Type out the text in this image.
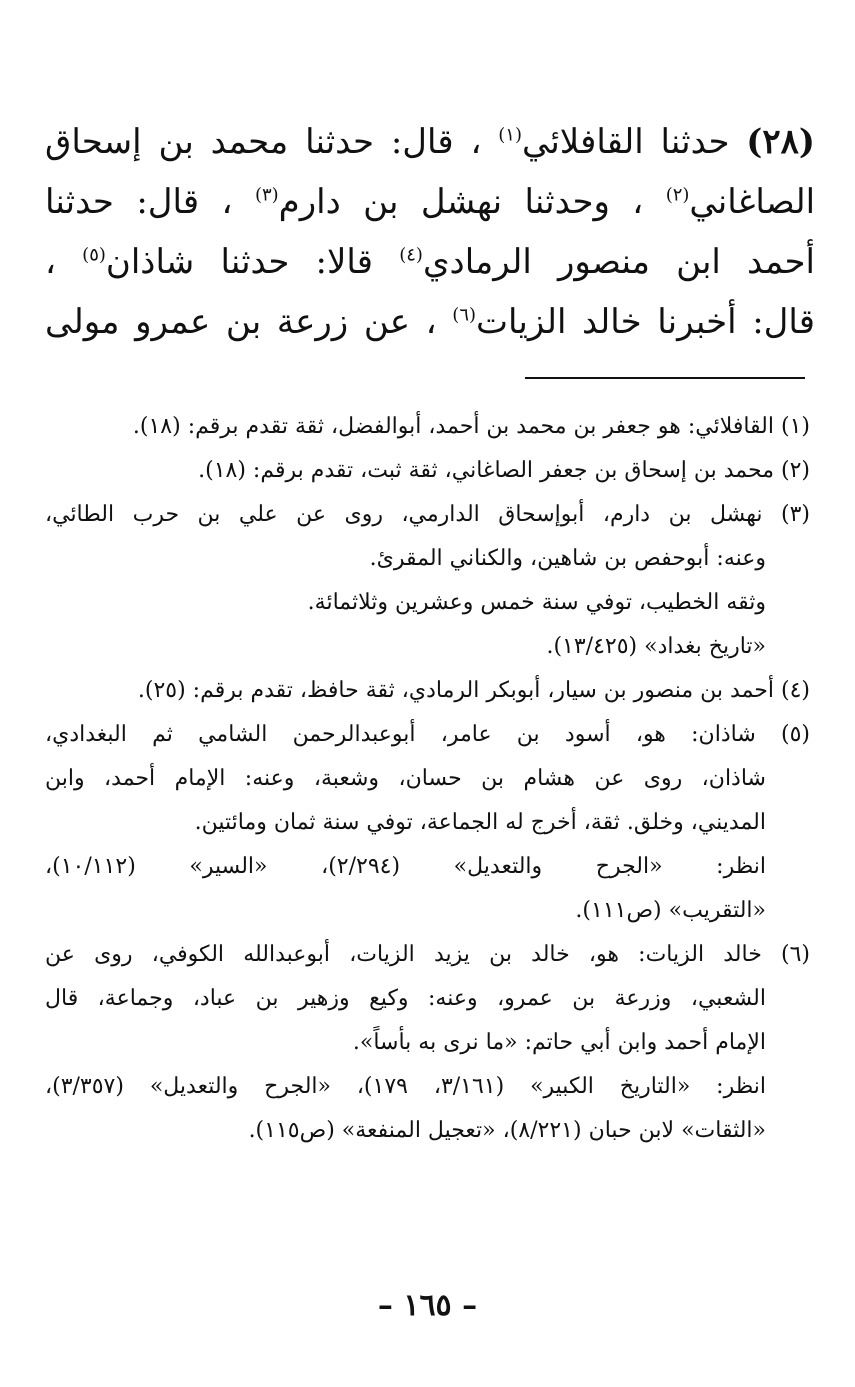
(٢٨) حدثنا القافلائي$^{(١)}$ ، قال: حدثنا محمد بن إسحاق
الصاغاني$^{(٢)}$ ، وحدثنا نهشل بن دارم$^{(٣)}$ ، قال: حدثنا
أحمد ابن منصور الرمادي$^{(٤)}$ قالا: حدثنا شاذان$^{(٥)}$ ،
قال: أخبرنا خالد الزيات$^{(٦)}$ ، عن زرعة بن عمرو مولى

(١) القافلائي: هو جعفر بن محمد بن أحمد، أبوالفضل، ثقة تقدم برقم: (١٨).

(٢) محمد بن إسحاق بن جعفر الصاغاني، ثقة ثبت، تقدم برقم: (١٨).

(٣) نهشل بن دارم، أبوإسحاق الدارمي، روى عن علي بن حرب الطائي،
وعنه: أبوحفص بن شاهين، والكناني المقرئ.
وثقه الخطيب، توفي سنة خمس وعشرين وثلاثمائة.
«تاريخ بغداد» (١٣/٤٢٥).

(٤) أحمد بن منصور بن سيار، أبوبكر الرمادي، ثقة حافظ، تقدم برقم: (٢٥).

(٥) شاذان: هو، أسود بن عامر، أبوعبدالرحمن الشامي ثم البغدادي،
شاذان، روى عن هشام بن حسان، وشعبة، وعنه: الإمام أحمد، وابن
المديني، وخلق. ثقة، أخرج له الجماعة، توفي سنة ثمان ومائتين.
انظر: «الجرح والتعديل» (٢/٢٩٤)، «السير» (١٠/١١٢)،
«التقريب» (ص١١١).

(٦) خالد الزيات: هو، خالد بن يزيد الزيات، أبوعبدالله الكوفي، روى عن
الشعبي، وزرعة بن عمرو، وعنه: وكيع وزهير بن عباد، وجماعة، قال
الإمام أحمد وابن أبي حاتم: «ما نرى به بأساً».
انظر: «التاريخ الكبير» (٣/١٦١، ١٧٩)، «الجرح والتعديل» (٣/٣٥٧)،
«الثقات» لابن حبان (٨/٢٢١)، «تعجيل المنفعة» (ص١١٥).

– ١٦٥ –
